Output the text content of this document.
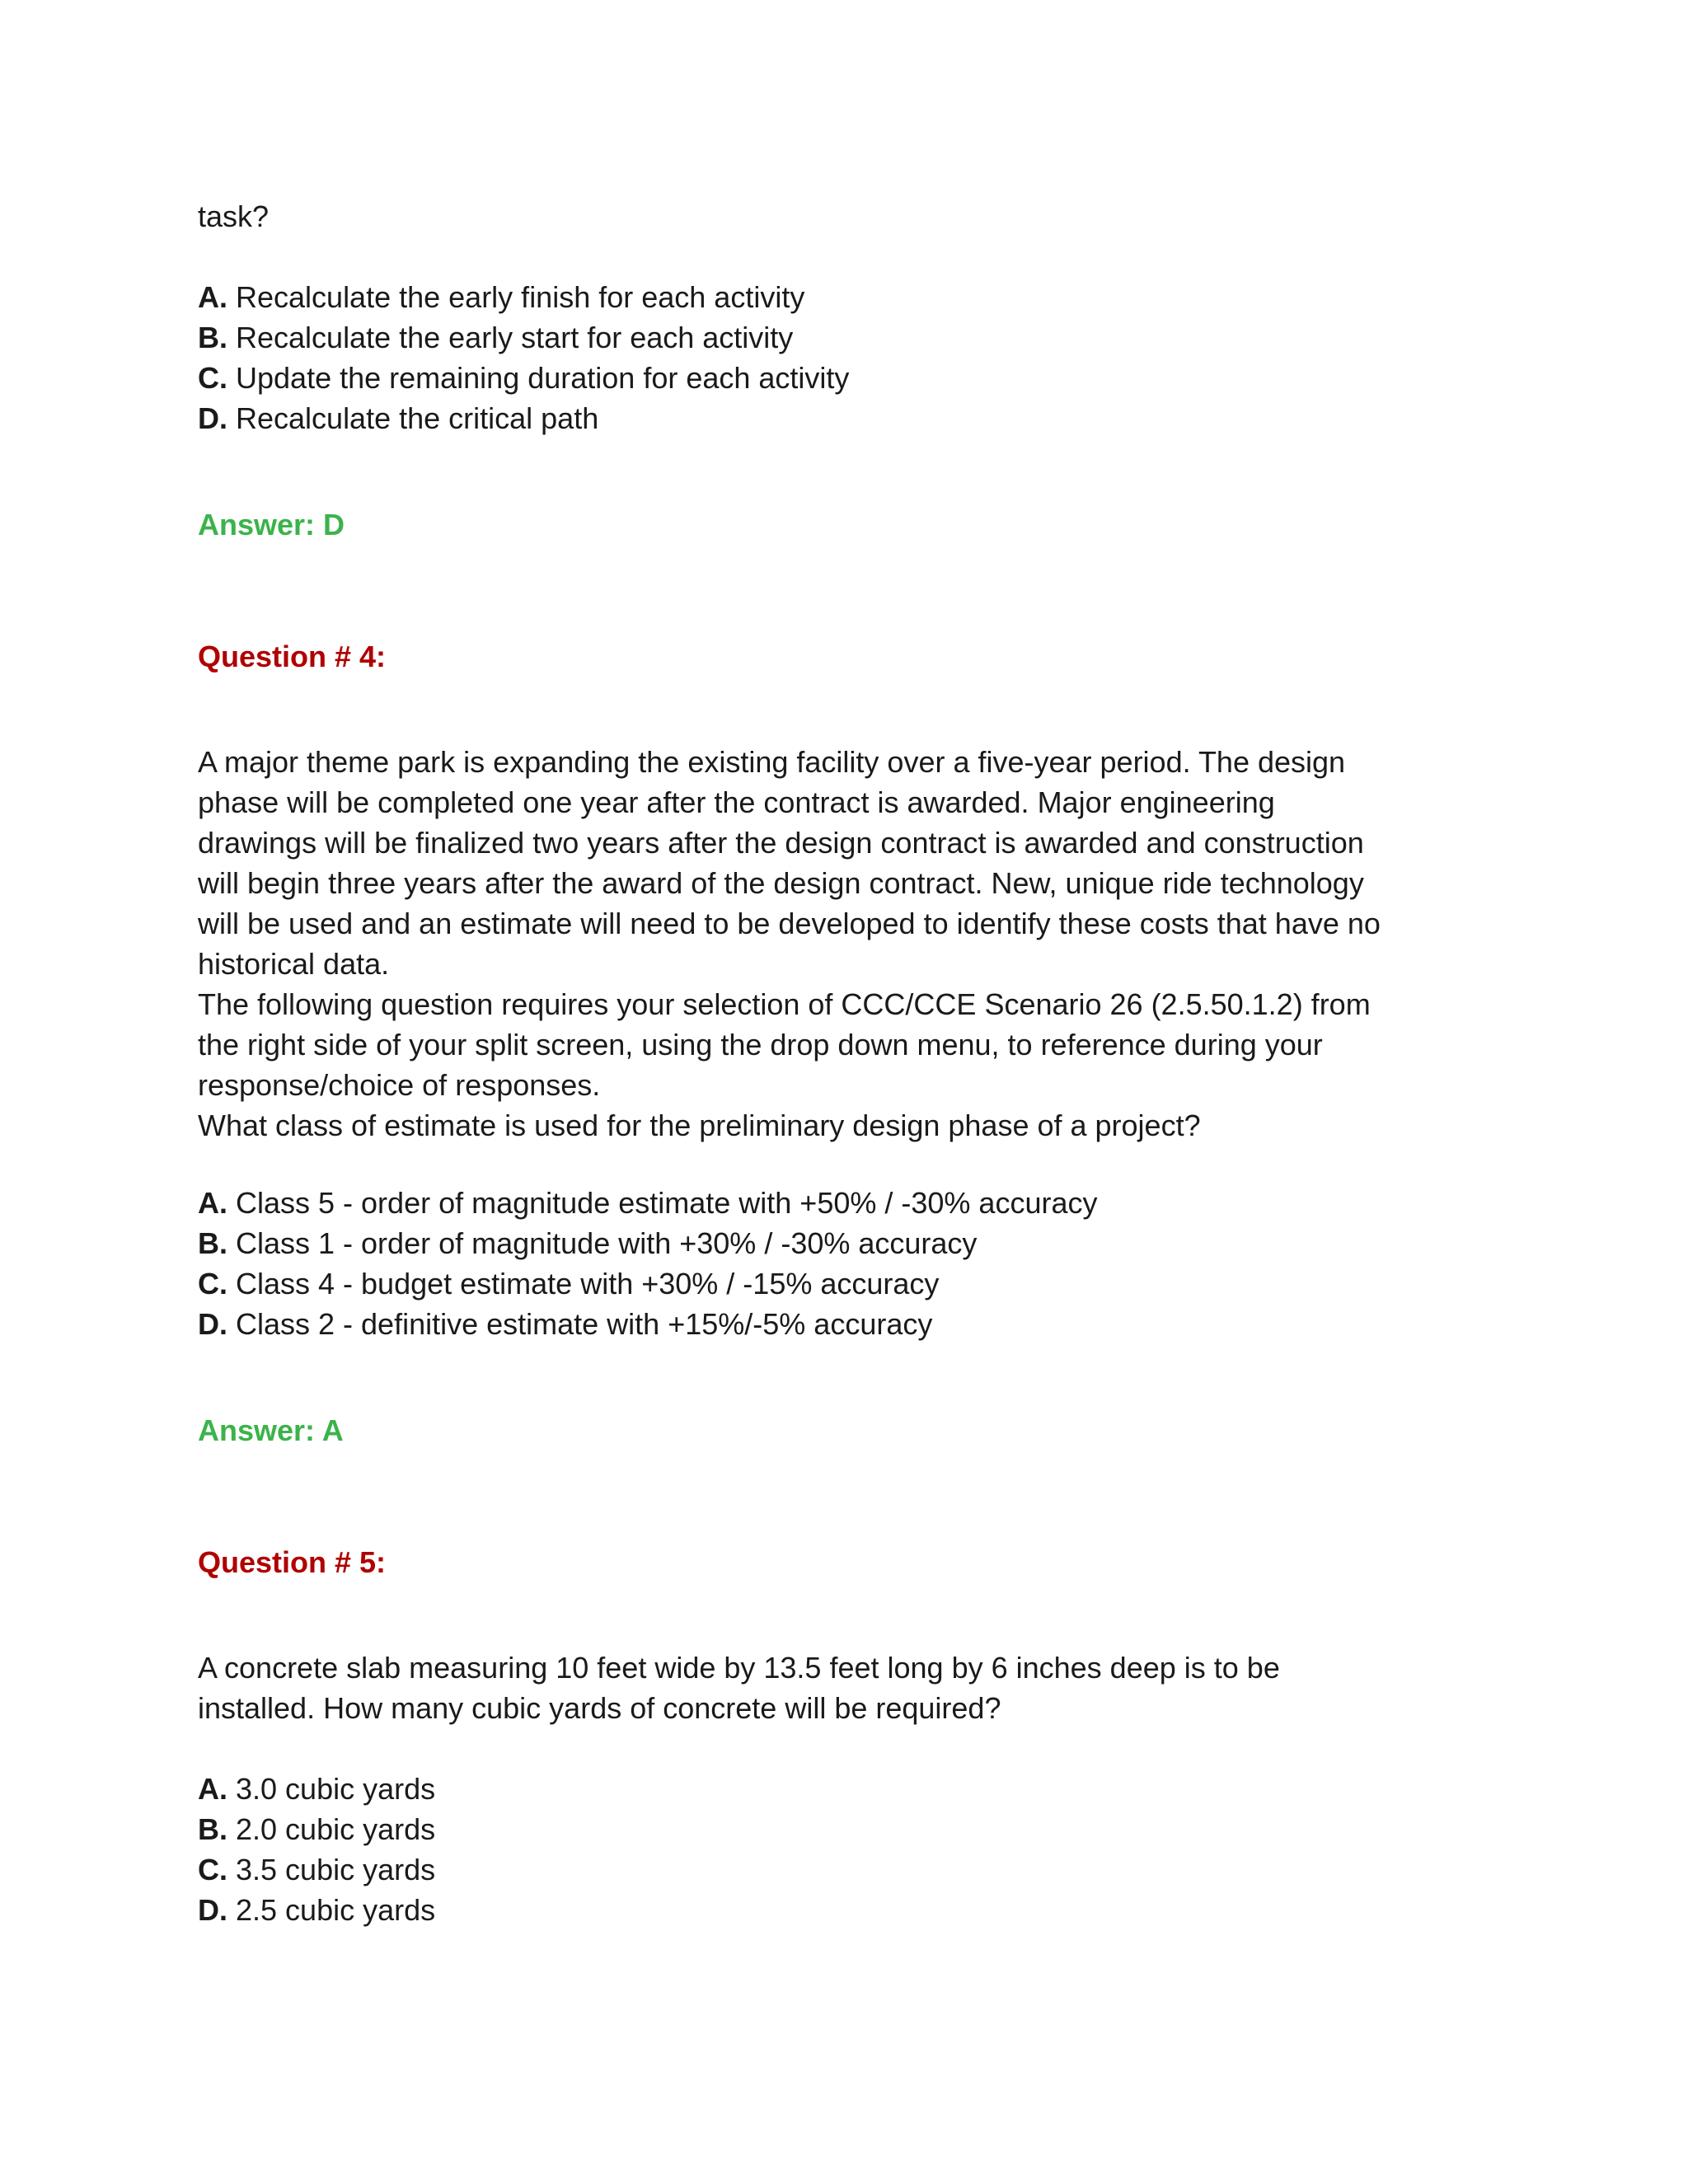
task?
A. Recalculate the early finish for each activity
B. Recalculate the early start for each activity
C. Update the remaining duration for each activity
D. Recalculate the critical path
Answer: D
Question # 4:
A major theme park is expanding the existing facility over a five-year period. The design
phase will be completed one year after the contract is awarded. Major engineering
drawings will be finalized two years after the design contract is awarded and construction
will begin three years after the award of the design contract. New, unique ride technology
will be used and an estimate will need to be developed to identify these costs that have no
historical data.
The following question requires your selection of CCC/CCE Scenario 26 (2.5.50.1.2) from
the right side of your split screen, using the drop down menu, to reference during your
response/choice of responses.
What class of estimate is used for the preliminary design phase of a project?
A. Class 5 - order of magnitude estimate with +50% / -30% accuracy
B. Class 1 - order of magnitude with +30% / -30% accuracy
C. Class 4 - budget estimate with +30% / -15% accuracy
D. Class 2 - definitive estimate with +15%/-5% accuracy
Answer: A
Question # 5:
A concrete slab measuring 10 feet wide by 13.5 feet long by 6 inches deep is to be
installed. How many cubic yards of concrete will be required?
A. 3.0 cubic yards
B. 2.0 cubic yards
C. 3.5 cubic yards
D. 2.5 cubic yards
